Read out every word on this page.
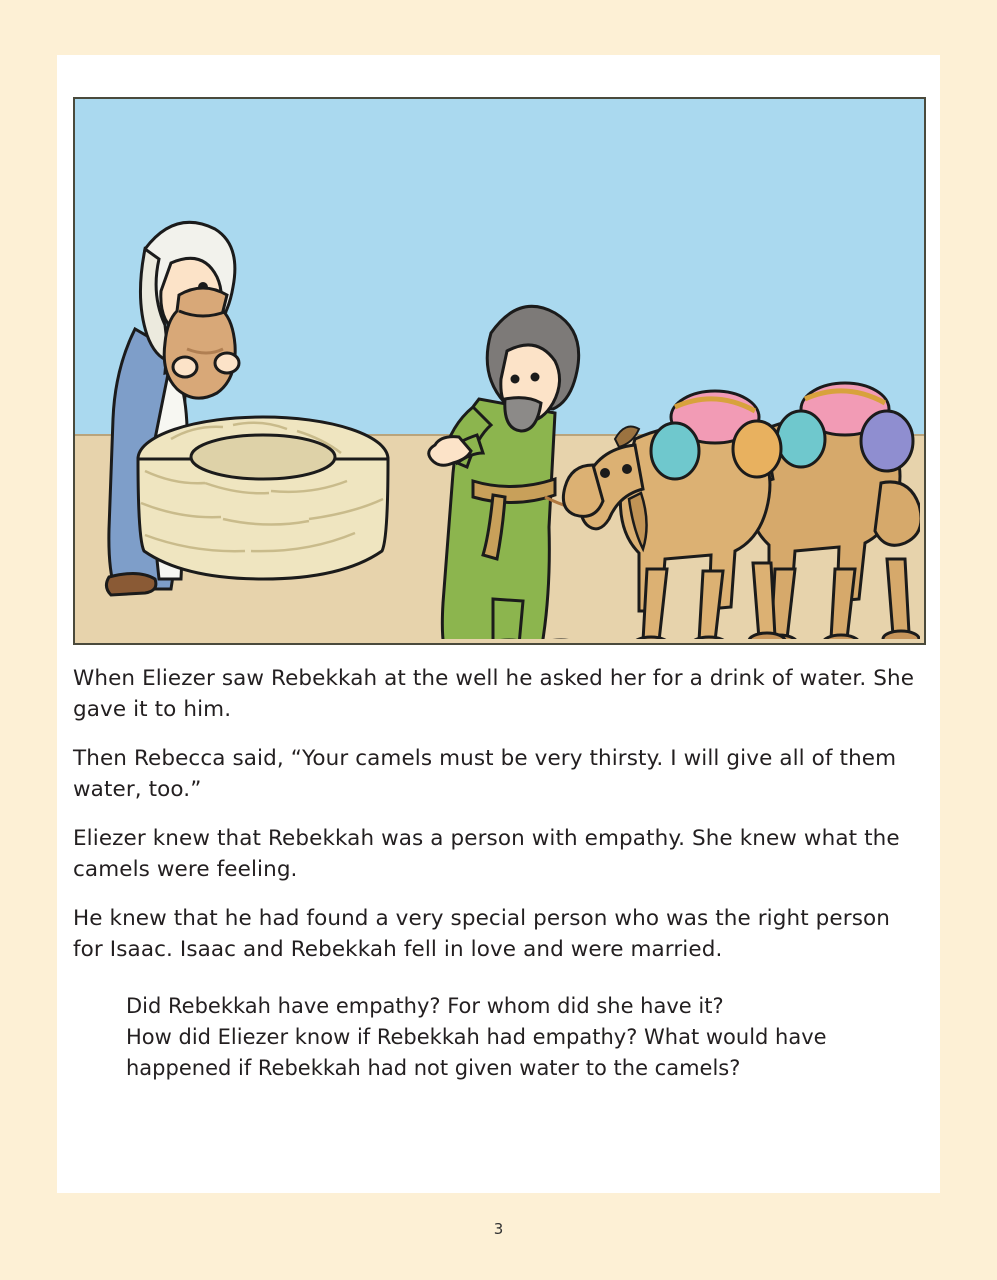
When Eliezer saw Rebekkah at the well he asked her for a drink of water. She gave it to him.

Then Rebecca said, “Your camels must be very thirsty. I will give all of them water, too.”

Eliezer knew that Rebekkah was a person with empathy. She knew what the camels were feeling.

He knew that he had found a very special person who was the right person for Isaac. Isaac and Rebekkah fell in love and were married.

Did Rebekkah have empathy? For whom did she have it?

How did Eliezer know if Rebekkah had empathy? What would have happened if Rebekkah had not given water to the camels?

3
